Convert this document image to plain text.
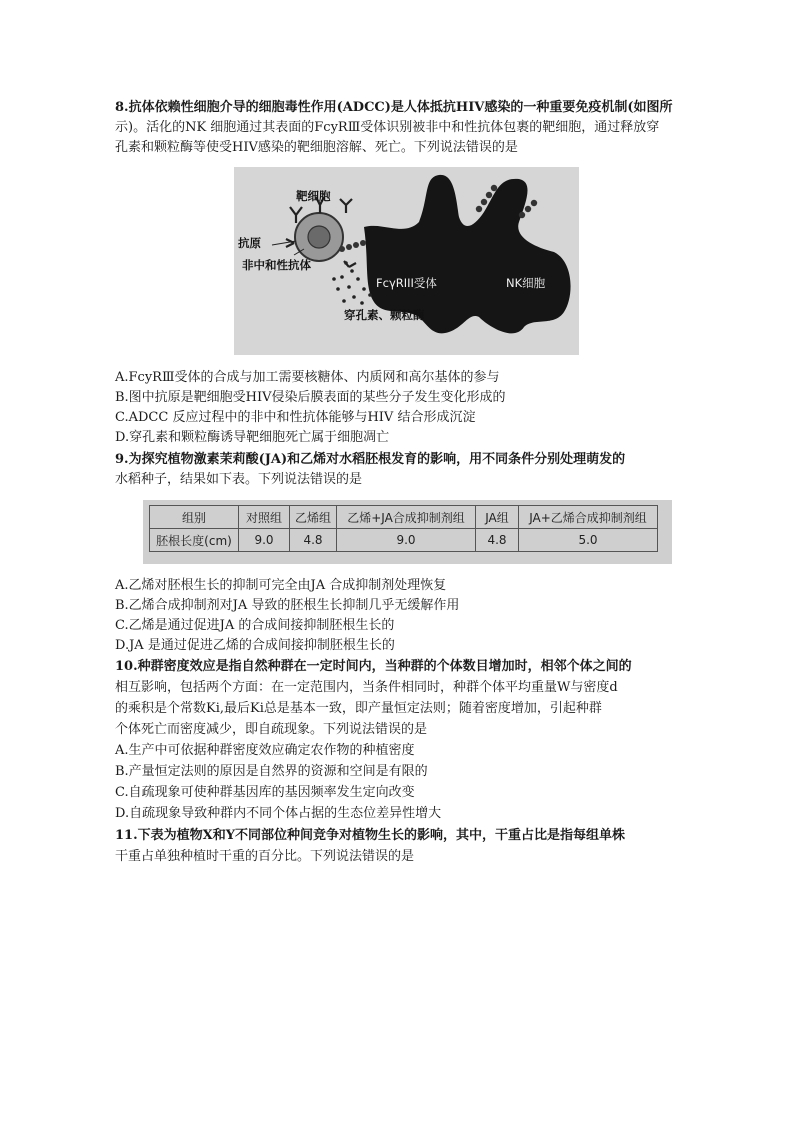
8.抗体依赖性细胞介导的细胞毒性作用(ADCC)是人体抵抗HIV感染的一种重要免疫机制(如图所
示)。活化的NK 细胞通过其表面的FcyRⅢ受体识别被非中和性抗体包裹的靶细胞，通过释放穿
孔素和颗粒酶等使受HIV感染的靶细胞溶解、死亡。下列说法错误的是
靶细胞
抗原
非中和性抗体
FcγRIII受体	NK细胞
穿孔素、颗粒酶
A.FcyRⅢ受体的合成与加工需要核糖体、内质网和高尔基体的参与
B.图中抗原是靶细胞受HIV侵染后膜表面的某些分子发生变化形成的
C.ADCC 反应过程中的非中和性抗体能够与HIV 结合形成沉淀
D.穿孔素和颗粒酶诱导靶细胞死亡属于细胞凋亡
9.为探究植物激素茉莉酸(JA)和乙烯对水稻胚根发育的影响，用不同条件分别处理萌发的
水稻种子，结果如下表。下列说法错误的是
组别	对照组	乙烯组	乙烯+JA合成抑制剂组	JA组	JA+乙烯合成抑制剂组
胚根长度(cm)	9.0	4.8	9.0	4.8	5.0
A.乙烯对胚根生长的抑制可完全由JA 合成抑制剂处理恢复
B.乙烯合成抑制剂对JA 导致的胚根生长抑制几乎无缓解作用
C.乙烯是通过促进JA 的合成间接抑制胚根生长的
D.JA 是通过促进乙烯的合成间接抑制胚根生长的
10.种群密度效应是指自然种群在一定时间内，当种群的个体数目增加时，相邻个体之间的
相互影响，包括两个方面：在一定范围内，当条件相同时，种群个体平均重量W与密度d
的乘积是个常数Ki,最后Ki总是基本一致，即产量恒定法则；随着密度增加，引起种群
个体死亡而密度减少，即自疏现象。下列说法错误的是
A.生产中可依据种群密度效应确定农作物的种植密度
B.产量恒定法则的原因是自然界的资源和空间是有限的
C.自疏现象可使种群基因库的基因频率发生定向改变
D.自疏现象导致种群内不同个体占据的生态位差异性增大
11.下表为植物X和Y不同部位种间竞争对植物生长的影响，其中，干重占比是指每组单株
干重占单独种植时干重的百分比。下列说法错误的是
